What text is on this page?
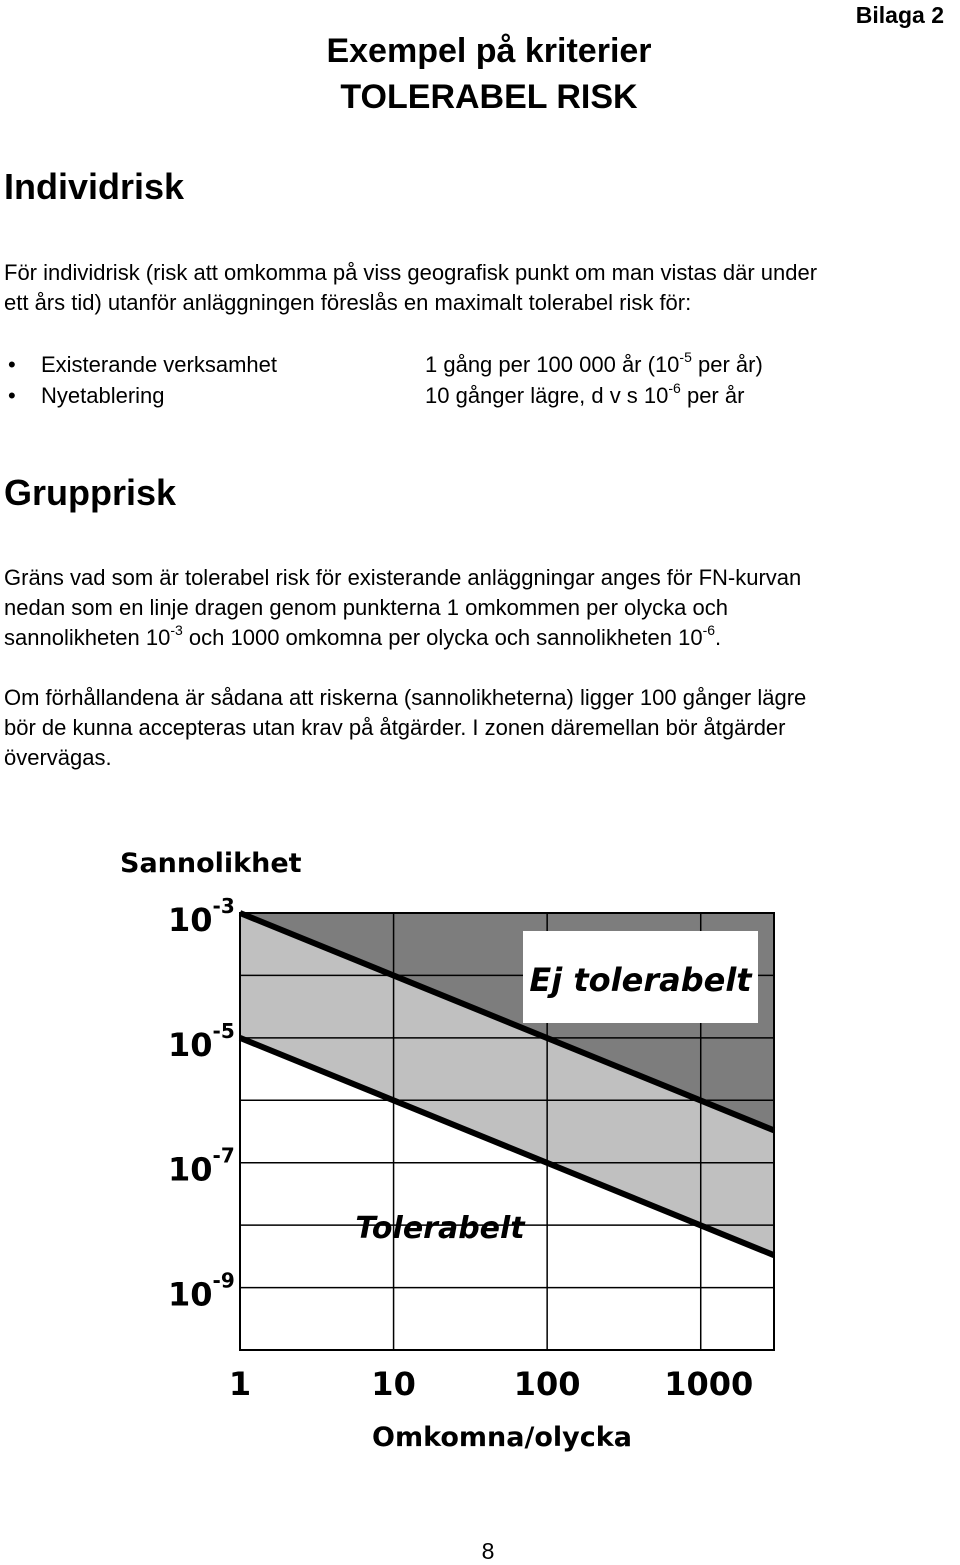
Bilaga 2
Exempel på kriterier
TOLERABEL RISK
Individrisk
För individrisk (risk att omkomma på viss geografisk punkt om man vistas där under
ett års tid) utanför anläggningen föreslås en maximalt tolerabel risk för:
• Existerande verksamhet	1 gång per 100 000 år ($10^{-5}$ per år)
• Nyetablering	10 gånger lägre, d v s $10^{-6}$ per år
Grupprisk
Gräns vad som är tolerabel risk för existerande anläggningar anges för FN-kurvan
nedan som en linje dragen genom punkterna 1 omkommen per olycka och
sannolikheten $10^{-3}$ och 1000 omkomna per olycka och sannolikheten $10^{-6}$.
Om förhållandena är sådana att riskerna (sannolikheterna) ligger 100 gånger lägre
bör de kunna accepteras utan krav på åtgärder. I zonen däremellan bör åtgärder
övervägas.
Ej tolerabelt
Tolerabelt
$10^{-3}$
$10^{-5}$
$10^{-7}$
$10^{-9}$
1	10	100	1000
Sannolikhet
Omkomna/olycka
8
